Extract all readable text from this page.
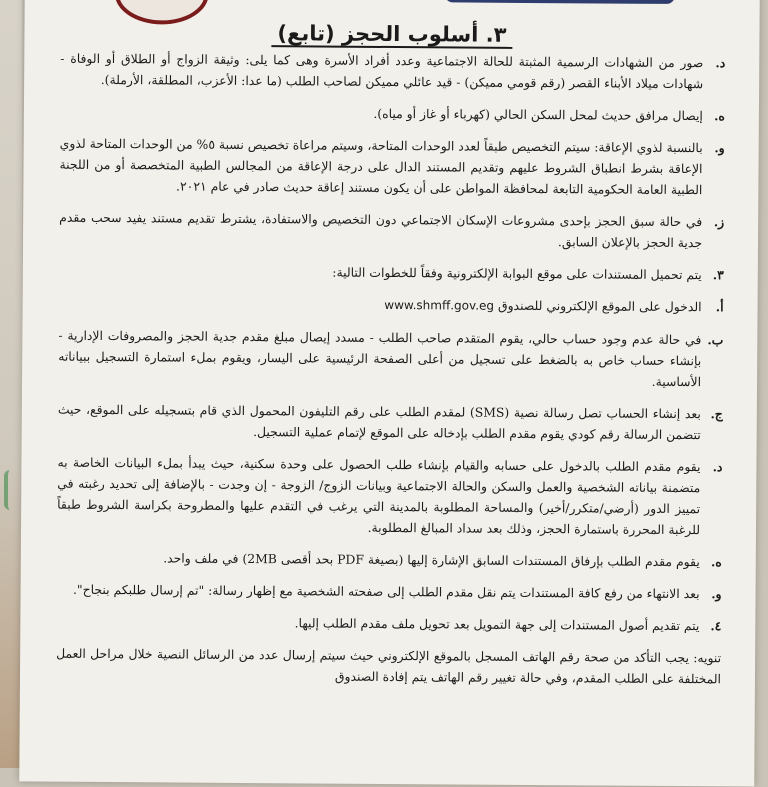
٣. أسلوب الحجز (تابع)
د.
صور من الشهادات الرسمية المثبتة للحالة الاجتماعية وعدد أفراد الأسرة وهى كما يلى: وثيقة الزواج أو الطلاق أو الوفاة - شهادات ميلاد الأبناء القصر (رقم قومي مميكن) - قيد عائلي مميكن لصاحب الطلب (ما عدا: الأعزب، المطلقة، الأرملة).
ه.
إيصال مرافق حديث لمحل السكن الحالي (كهرباء أو غاز أو مياه).
و.
بالنسبة لذوي الإعاقة: سيتم التخصيص طبقاً لعدد الوحدات المتاحة، وسيتم مراعاة تخصيص نسبة ٥% من الوحدات المتاحة لذوي الإعاقة بشرط انطباق الشروط عليهم وتقديم المستند الدال على درجة الإعاقة من المجالس الطبية المتخصصة أو من اللجنة الطبية العامة الحكومية التابعة لمحافظة المواطن على أن يكون مستند إعاقة حديث صادر في عام ٢٠٢١.
ز.
في حالة سبق الحجز بإحدى مشروعات الإسكان الاجتماعي دون التخصيص والاستفادة، يشترط تقديم مستند يفيد سحب مقدم جدية الحجز بالإعلان السابق.
٣.
يتم تحميل المستندات على موقع البوابة الإلكترونية وفقاً للخطوات التالية:
أ.
الدخول على الموقع الإلكتروني للصندوق www.shmff.gov.eg
ب.
في حالة عدم وجود حساب حالي، يقوم المتقدم صاحب الطلب - مسدد إيصال مبلغ مقدم جدية الحجز والمصروفات الإدارية - بإنشاء حساب خاص به بالضغط على تسجيل من أعلى الصفحة الرئيسية على اليسار، ويقوم بملء استمارة التسجيل ببياناته الأساسية.
ج.
بعد إنشاء الحساب تصل رسالة نصية (SMS) لمقدم الطلب على رقم التليفون المحمول الذي قام بتسجيله على الموقع، حيث تتضمن الرسالة رقم كودي يقوم مقدم الطلب بإدخاله على الموقع لإتمام عملية التسجيل.
د.
يقوم مقدم الطلب بالدخول على حسابه والقيام بإنشاء طلب الحصول على وحدة سكنية، حيث يبدأ بملء البيانات الخاصة به متضمنة بياناته الشخصية والعمل والسكن والحالة الاجتماعية وبيانات الزوج/ الزوجة - إن وجدت - بالإضافة إلى تحديد رغبته في تمييز الدور (أرضي/متكرر/أخير) والمساحة المطلوبة بالمدينة التي يرغب في التقدم عليها والمطروحة بكراسة الشروط طبقاً للرغبة المحررة باستمارة الحجز، وذلك بعد سداد المبالغ المطلوبة.
ه.
يقوم مقدم الطلب بإرفاق المستندات السابق الإشارة إليها (بصيغة PDF بحد أقصى 2MB) في ملف واحد.
و.
بعد الانتهاء من رفع كافة المستندات يتم نقل مقدم الطلب إلى صفحته الشخصية مع إظهار رسالة: "تم إرسال طلبكم بنجاح".
٤.
يتم تقديم أصول المستندات إلى جهة التمويل بعد تحويل ملف مقدم الطلب إليها.
تنويه: يجب التأكد من صحة رقم الهاتف المسجل بالموقع الإلكتروني حيث سيتم إرسال عدد من الرسائل النصية خلال مراحل العمل المختلفة على الطلب المقدم، وفي حالة تغيير رقم الهاتف يتم إفادة الصندوق
